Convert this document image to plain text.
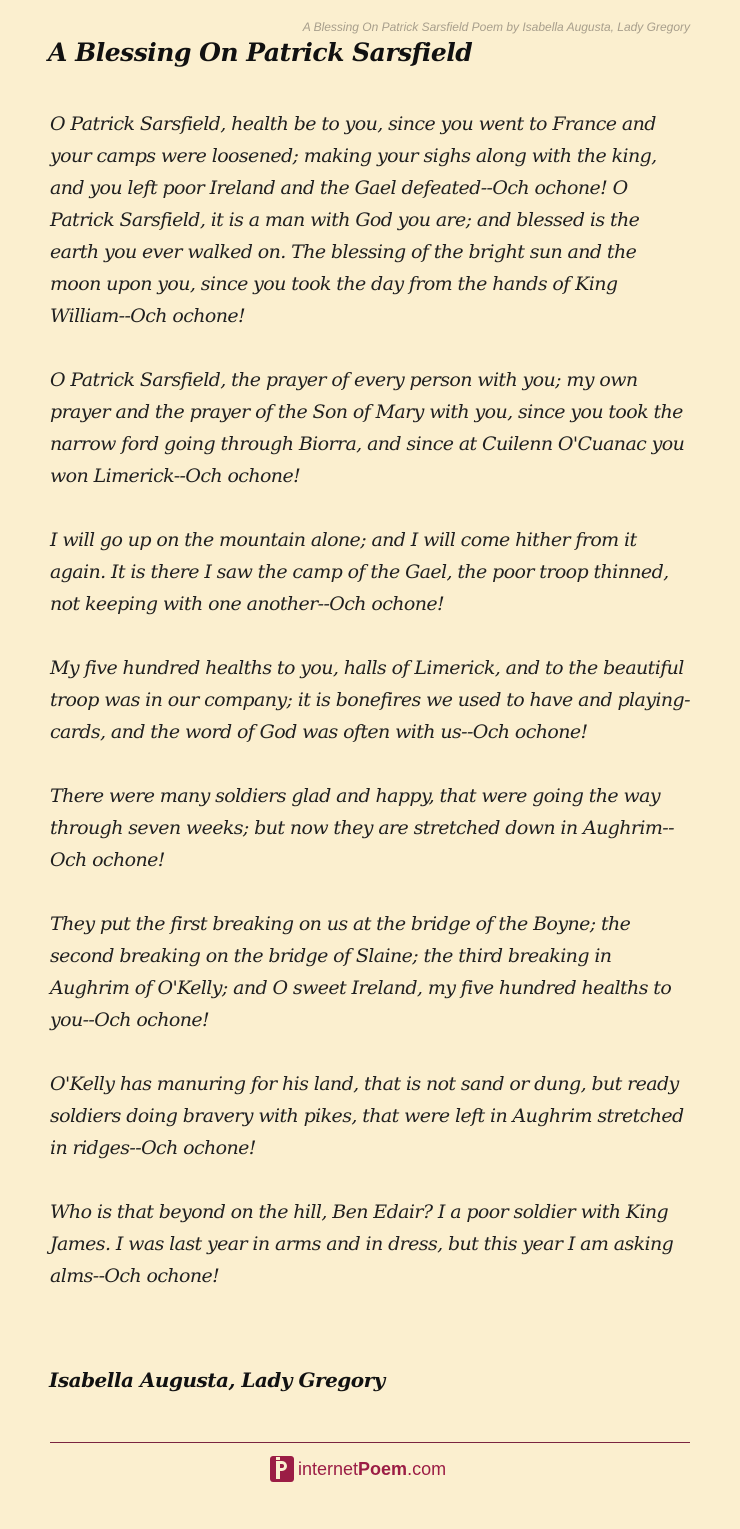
A Blessing On Patrick Sarsfield Poem by Isabella Augusta, Lady Gregory
A Blessing On Patrick Sarsfield

O Patrick Sarsfield, health be to you, since you went to France and your camps were loosened; making your sighs along with the king, and you left poor Ireland and the Gael defeated--Och ochone! O Patrick Sarsfield, it is a man with God you are; and blessed is the earth you ever walked on. The blessing of the bright sun and the moon upon you, since you took the day from the hands of King William--Och ochone!

O Patrick Sarsfield, the prayer of every person with you; my own prayer and the prayer of the Son of Mary with you, since you took the narrow ford going through Biorra, and since at Cuilenn O'Cuanac you won Limerick--Och ochone!

I will go up on the mountain alone; and I will come hither from it again. It is there I saw the camp of the Gael, the poor troop thinned, not keeping with one another--Och ochone!

My five hundred healths to you, halls of Limerick, and to the beautiful troop was in our company; it is bonefires we used to have and playing- cards, and the word of God was often with us--Och ochone!

There were many soldiers glad and happy, that were going the way through seven weeks; but now they are stretched down in Aughrim--Och ochone!

They put the first breaking on us at the bridge of the Boyne; the second breaking on the bridge of Slaine; the third breaking in Aughrim of O'Kelly; and O sweet Ireland, my five hundred healths to you--Och ochone!

O'Kelly has manuring for his land, that is not sand or dung, but ready soldiers doing bravery with pikes, that were left in Aughrim stretched in ridges--Och ochone!

Who is that beyond on the hill, Ben Edair? I a poor soldier with King James. I was last year in arms and in dress, but this year I am asking alms--Och ochone!

Isabella Augusta, Lady Gregory
internetPoem.com
